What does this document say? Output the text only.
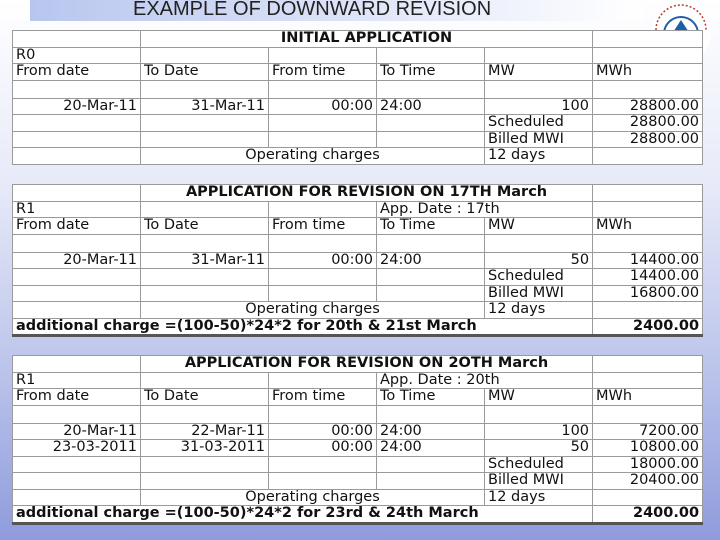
EXAMPLE OF DOWNWARD REVISION
	INITIAL APPLICATION				
R0					
From date	To Date	From time	To Time	MW	MWh

20-Mar-11	31-Mar-11	00:00	24:00	100	28800.00
				Scheduled	28800.00
				Billed MWI	28800.00
	Operating charges			12 days	
	APPLICATION FOR REVISION ON 17TH March				
R1			App. Date : 17th		
From date	To Date	From time	To Time	MW	MWh

20-Mar-11	31-Mar-11	00:00	24:00	50	14400.00
				Scheduled	14400.00
				Billed MWI	16800.00
	Operating charges			12 days	
additional charge =(100-50)*24*2 for 20th & 21st March					2400.00
	APPLICATION FOR REVISION ON 2OTH March				
R1			App. Date : 20th		
From date	To Date	From time	To Time	MW	MWh

20-Mar-11	22-Mar-11	00:00	24:00	100	7200.00
23-03-2011	31-03-2011	00:00	24:00	50	10800.00
				Scheduled	18000.00
				Billed MWI	20400.00
	Operating charges			12 days	
additional charge =(100-50)*24*2 for 23rd & 24th March					2400.00
